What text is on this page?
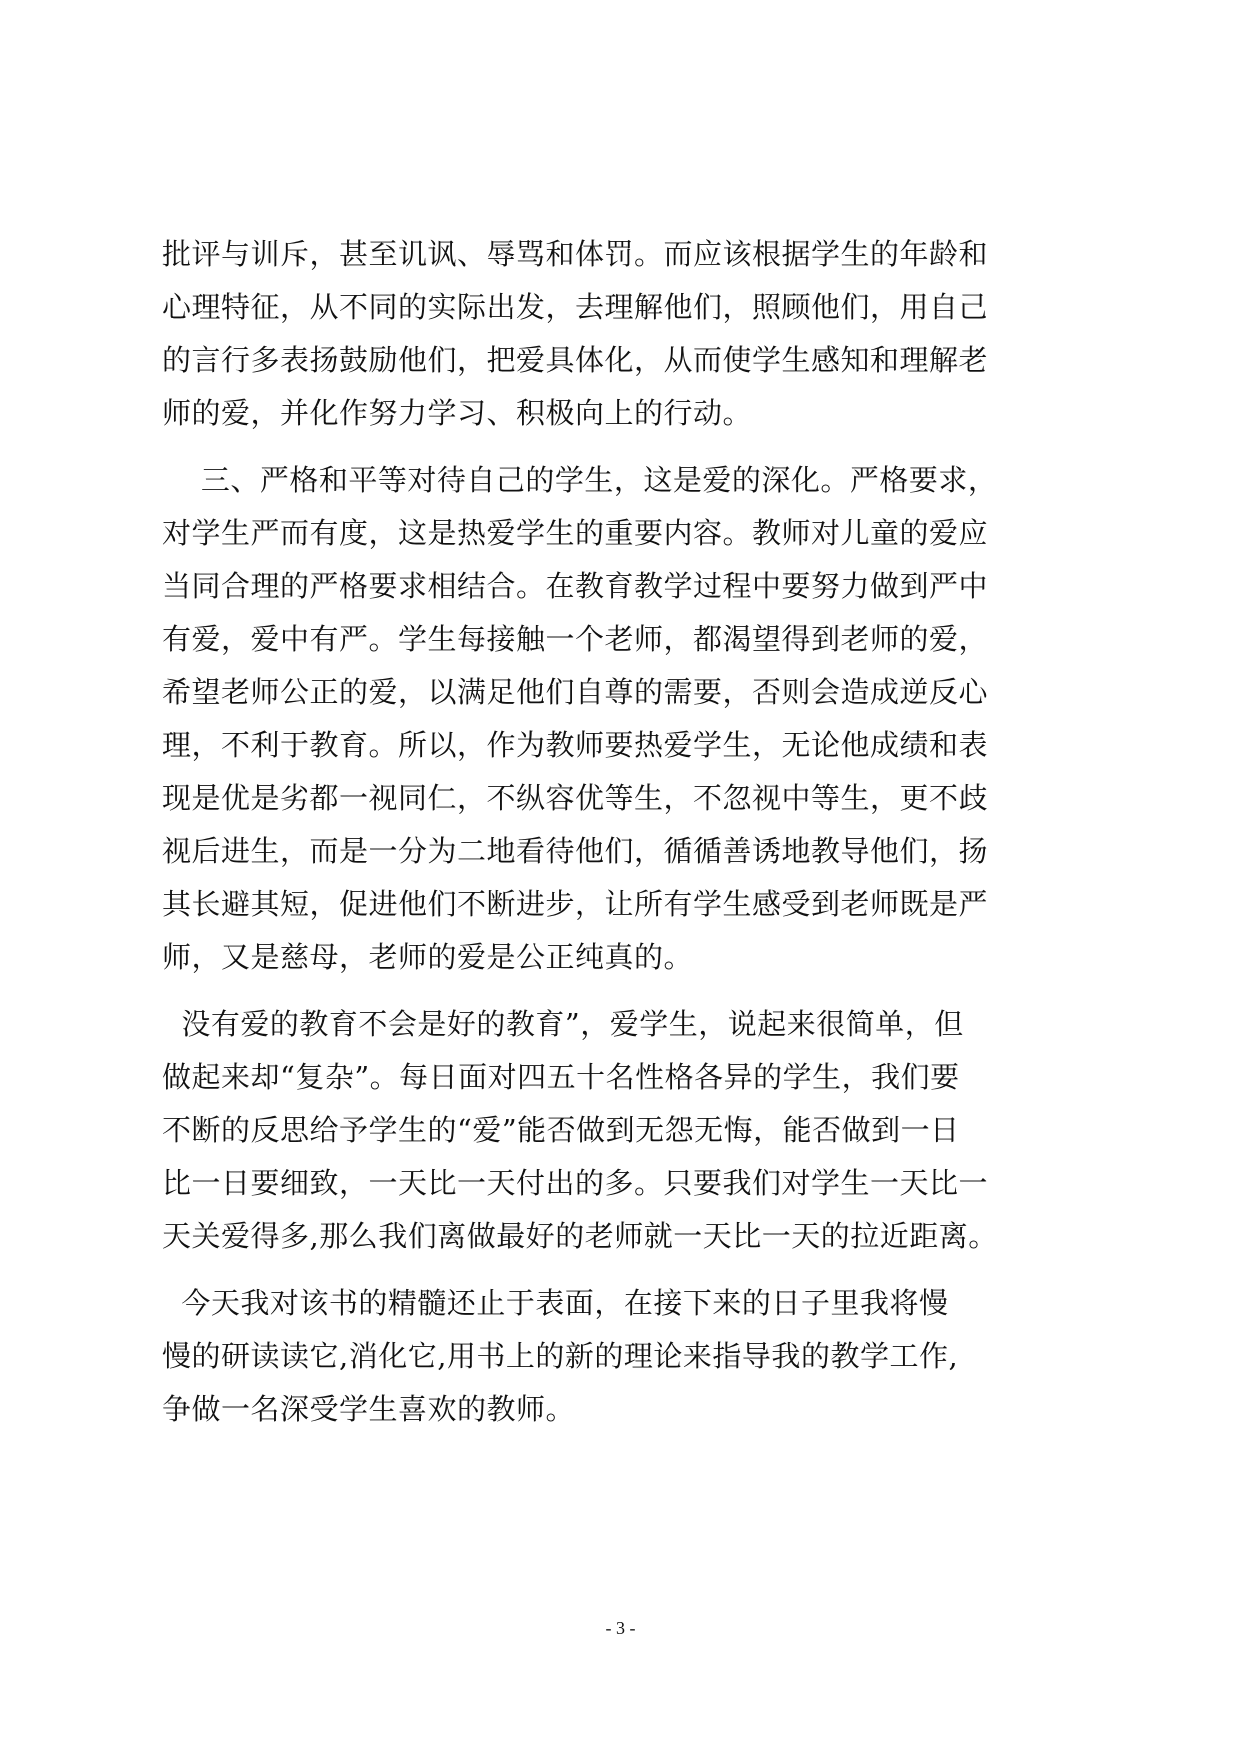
批评与训斥，甚至讥讽、辱骂和体罚。而应该根据学生的年龄和
心理特征，从不同的实际出发，去理解他们，照顾他们，用自己
的言行多表扬鼓励他们，把爱具体化，从而使学生感知和理解老
师的爱，并化作努力学习、积极向上的行动。
三、严格和平等对待自己的学生，这是爱的深化。严格要求，
对学生严而有度，这是热爱学生的重要内容。教师对儿童的爱应
当同合理的严格要求相结合。在教育教学过程中要努力做到严中
有爱，爱中有严。学生每接触一个老师，都渴望得到老师的爱，
希望老师公正的爱，以满足他们自尊的需要，否则会造成逆反心
理，不利于教育。所以，作为教师要热爱学生，无论他成绩和表
现是优是劣都一视同仁，不纵容优等生，不忽视中等生，更不歧
视后进生，而是一分为二地看待他们，循循善诱地教导他们，扬
其长避其短，促进他们不断进步，让所有学生感受到老师既是严
师，又是慈母，老师的爱是公正纯真的。
没有爱的教育不会是好的教育”，爱学生，说起来很简单，但
做起来却“复杂”。每日面对四五十名性格各异的学生，我们要
不断的反思给予学生的“爱”能否做到无怨无悔，能否做到一日
比一日要细致，一天比一天付出的多。只要我们对学生一天比一
天关爱得多,那么我们离做最好的老师就一天比一天的拉近距离。
今天我对该书的精髓还止于表面，在接下来的日子里我将慢
慢的研读读它,消化它,用书上的新的理论来指导我的教学工作,
争做一名深受学生喜欢的教师。
- 3 -
